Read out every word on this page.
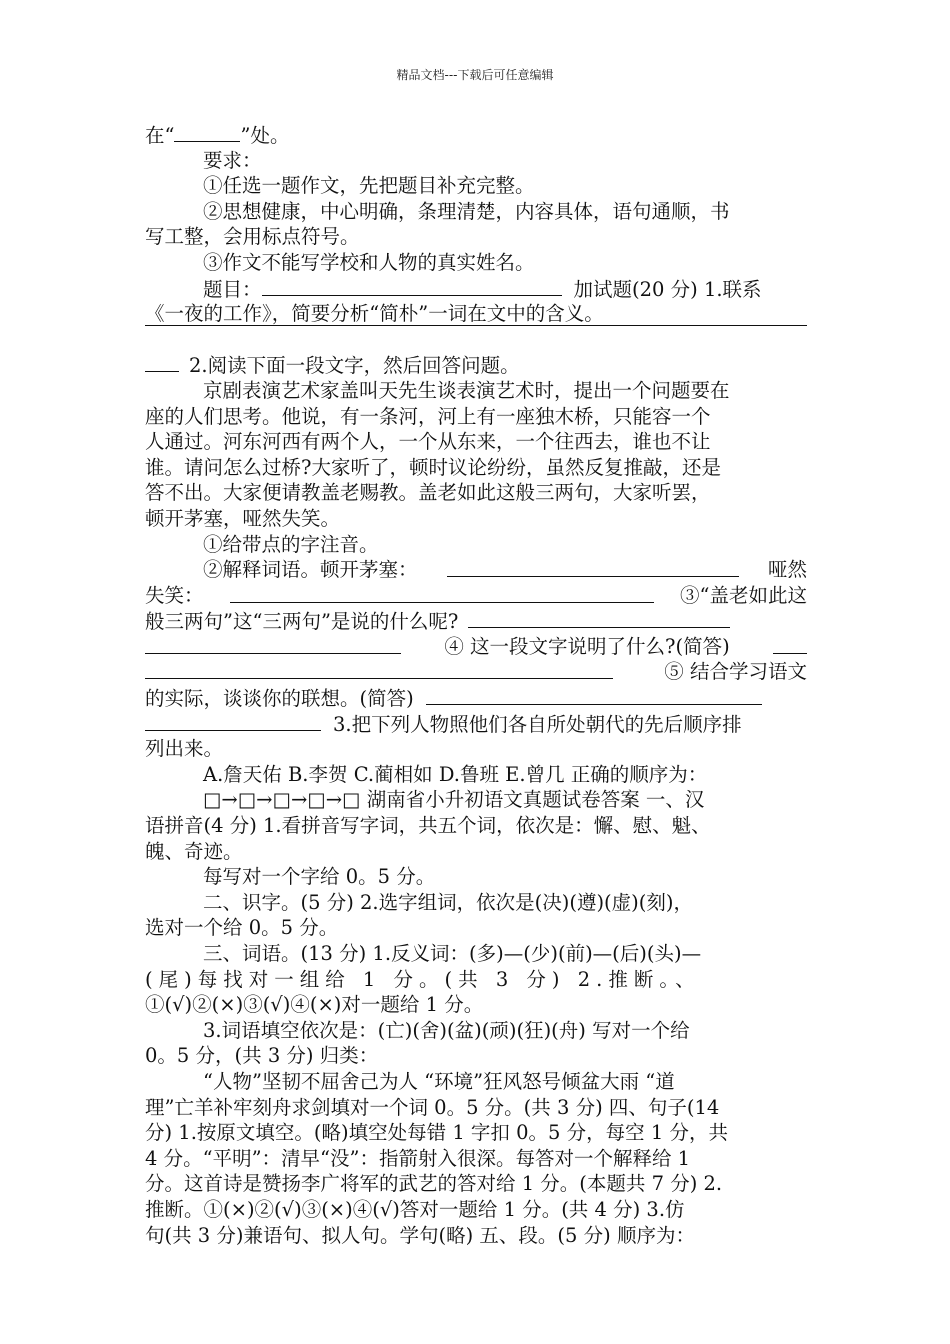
精品文档---下载后可任意编辑
在“	”处。
要求：
①任选一题作文，先把题目补充完整。
②思想健康，中心明确，条理清楚，内容具体，语句通顺，书
写工整，会用标点符号。
③作文不能写学校和人物的真实姓名。
题目：	加试题(20 分) 1.联系
《一夜的工作》，简要分析“简朴”一词在文中的含义。
2.阅读下面一段文字，然后回答问题。
京剧表演艺术家盖叫天先生谈表演艺术时，提出一个问题要在
座的人们思考。他说，有一条河，河上有一座独木桥，只能容一个
人通过。河东河西有两个人，一个从东来，一个往西去，谁也不让
谁。请问怎么过桥?大家听了，顿时议论纷纷，虽然反复推敲，还是
答不出。大家便请教盖老赐教。盖老如此这般三两句，大家听罢，
顿开茅塞，哑然失笑。
①给带点的字注音。
②解释词语。顿开茅塞：	哑然
失笑：	③“盖老如此这
般三两句”这“三两句”是说的什么呢?
④ 这一段文字说明了什么?(简答)
⑤ 结合学习语文
的实际，谈谈你的联想。(简答)
3.把下列人物照他们各自所处朝代的先后顺序排
列出来。
A.詹天佑 B.李贺 C.蔺相如 D.鲁班 E.曾几 正确的顺序为：
□→□→□→□→□ 湖南省小升初语文真题试卷答案 一、汉
语拼音(4 分) 1.看拼音写字词，共五个词，依次是：懈、慰、魁、
魄、奇迹。
每写对一个字给 0。5 分。
二、识字。(5 分) 2.选字组词，依次是(决)(遵)(虚)(刻)，
选对一个给 0。5 分。
三、词语。(13 分) 1.反义词：(多)—(少)(前)—(后)(头)—
(尾)每找对一组给 1 分。(共 3 分) 2.推断。、
①(√)②(×)③(√)④(×)对一题给 1 分。
3.词语填空依次是：(亡)(舍)(盆)(顽)(狂)(舟) 写对一个给
0。5 分，(共 3 分) 归类：
“人物”坚韧不屈舍己为人 “环境”狂风怒号倾盆大雨 “道
理”亡羊补牢刻舟求剑填对一个词 0。5 分。(共 3 分) 四、句子(14
分) 1.按原文填空。(略)填空处每错 1 字扣 0。5 分，每空 1 分，共
4 分。“平明”：清早“没”：指箭射入很深。每答对一个解释给 1
分。这首诗是赞扬李广将军的武艺的答对给 1 分。(本题共 7 分) 2.
推断。①(×)②(√)③(×)④(√)答对一题给 1 分。(共 4 分) 3.仿
句(共 3 分)兼语句、拟人句。学句(略) 五、段。(5 分) 顺序为：
